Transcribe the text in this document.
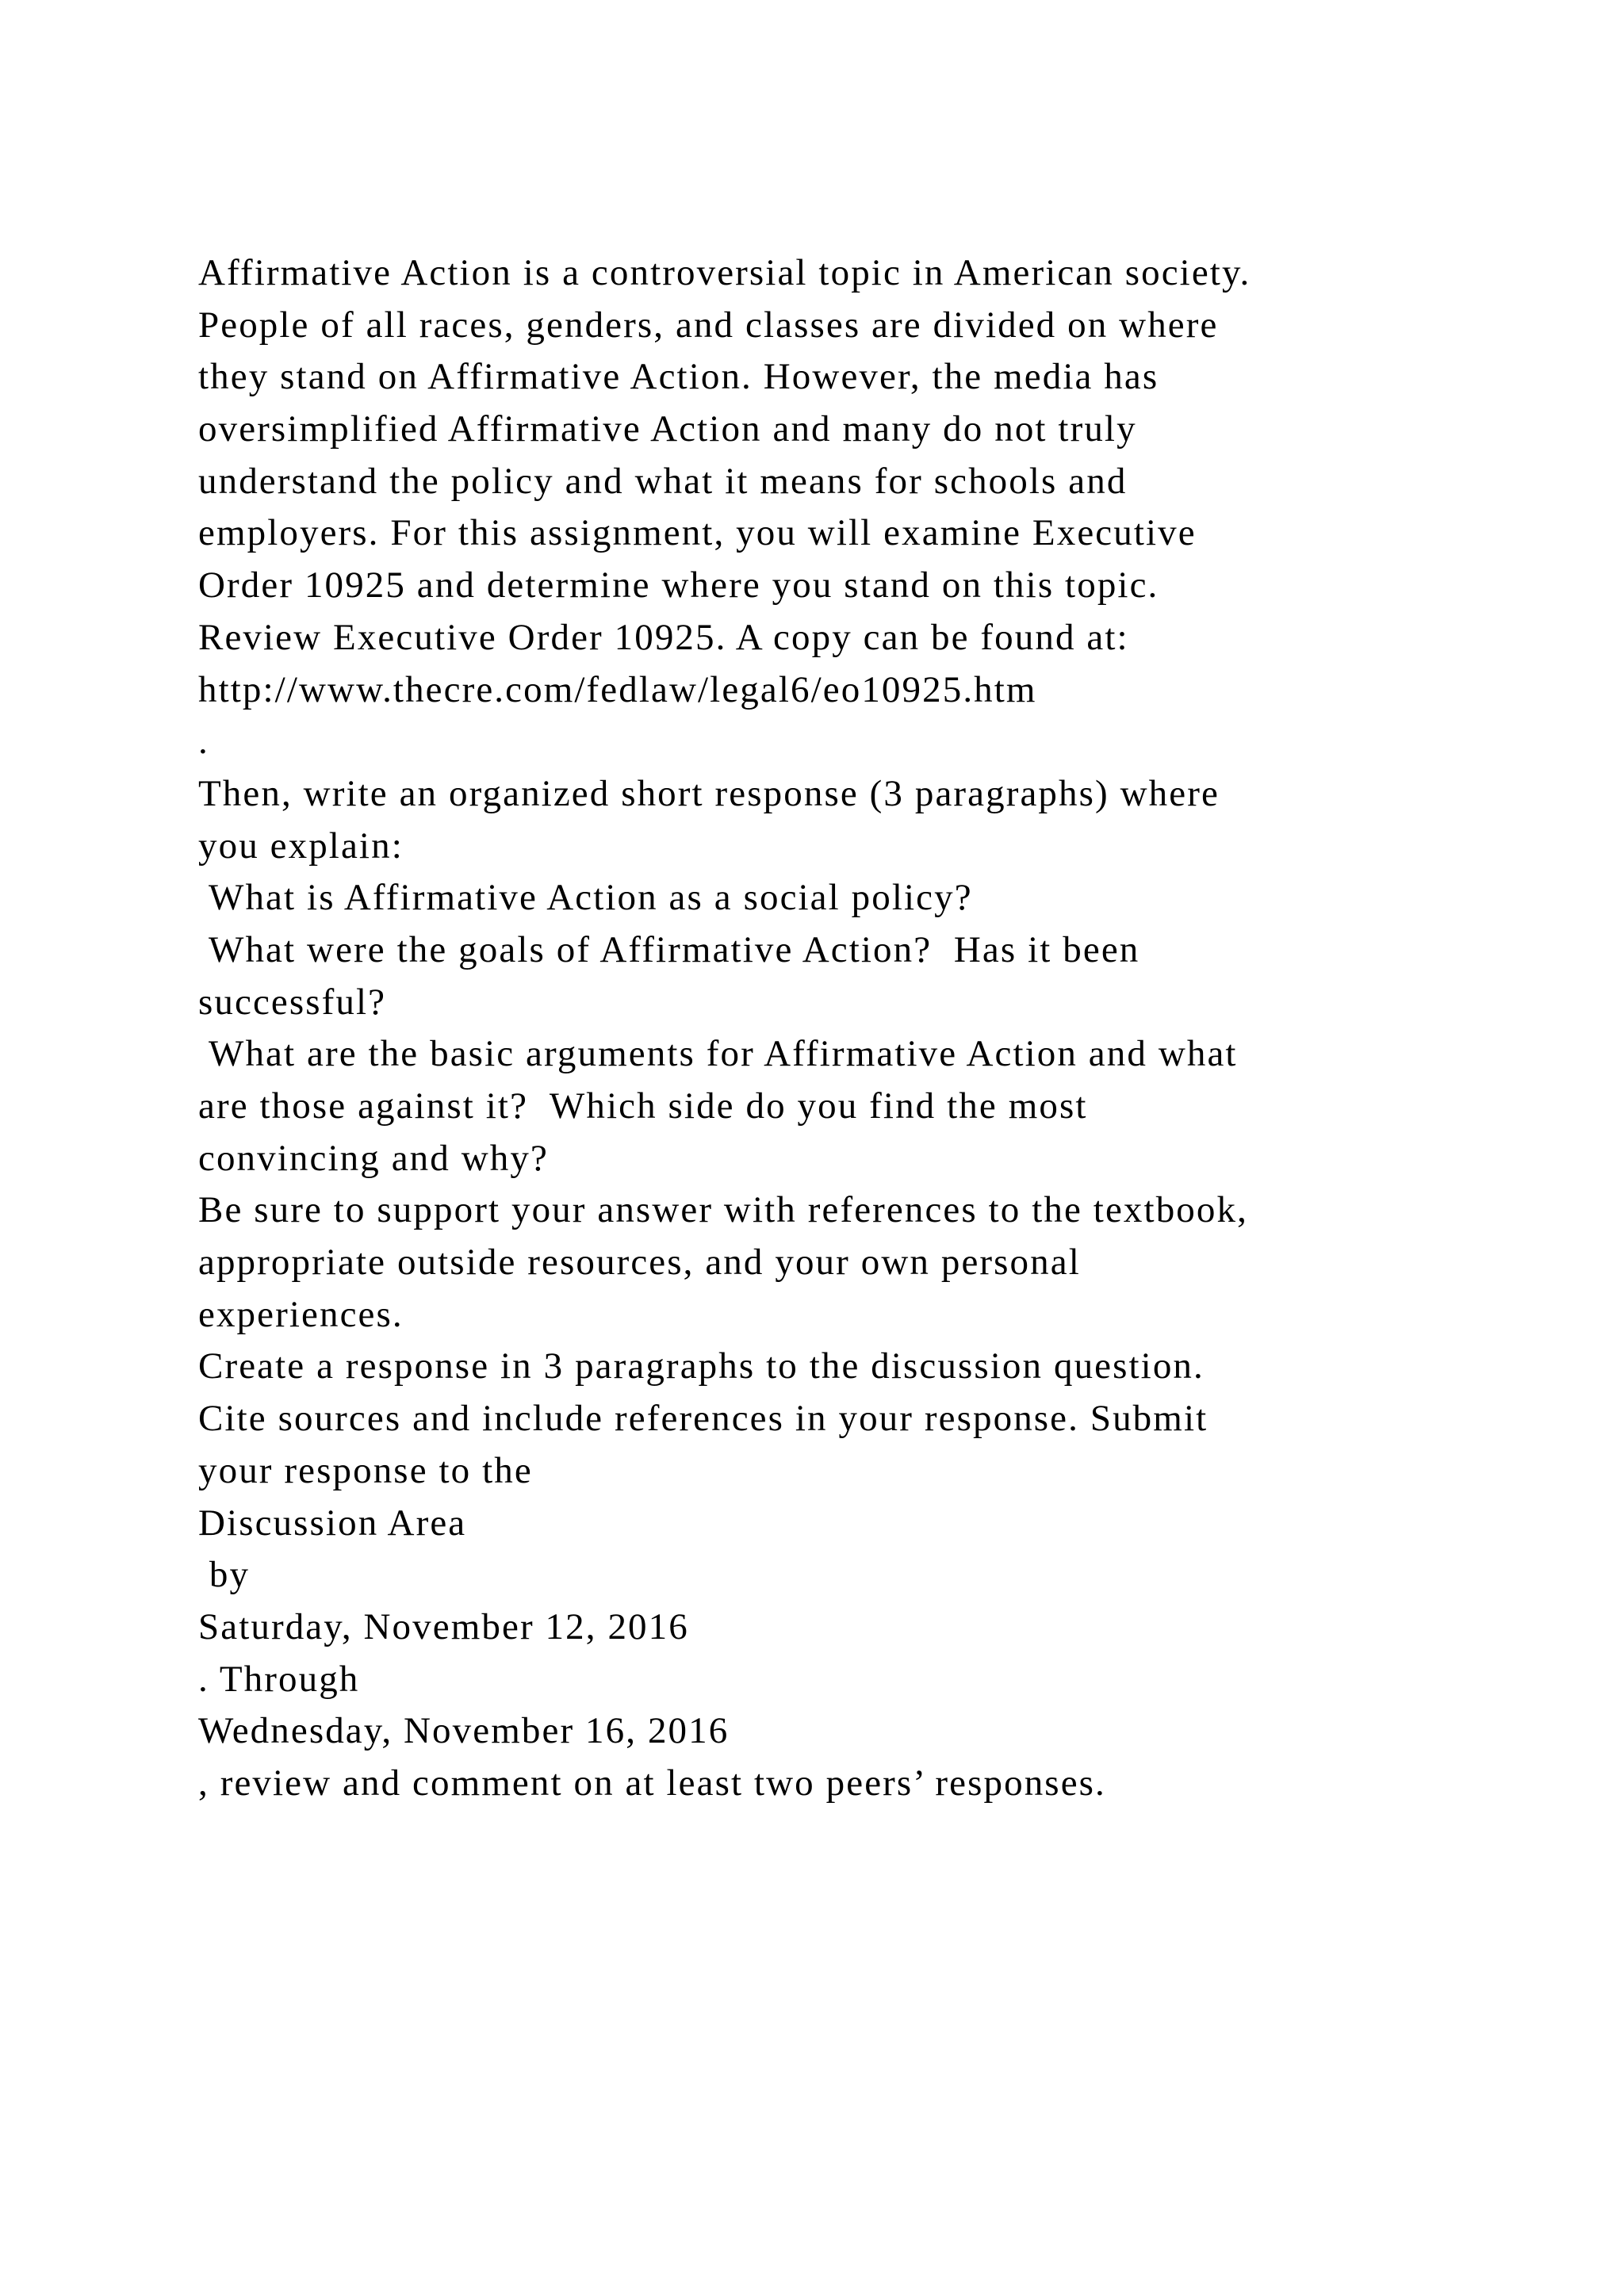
Affirmative Action is a controversial topic in American society.
People of all races, genders, and classes are divided on where
they stand on Affirmative Action. However, the media has
oversimplified Affirmative Action and many do not truly
understand the policy and what it means for schools and
employers. For this assignment, you will examine Executive
Order 10925 and determine where you stand on this topic.
Review Executive Order 10925. A copy can be found at:
http://www.thecre.com/fedlaw/legal6/eo10925.htm
.
Then, write an organized short response (3 paragraphs) where
you explain:
What is Affirmative Action as a social policy?
What were the goals of Affirmative Action?  Has it been
successful?
What are the basic arguments for Affirmative Action and what
are those against it?  Which side do you find the most
convincing and why?
Be sure to support your answer with references to the textbook,
appropriate outside resources, and your own personal
experiences.
Create a response in 3 paragraphs to the discussion question.
Cite sources and include references in your response. Submit
your response to the
Discussion Area
by
Saturday, November 12, 2016
. Through
Wednesday, November 16, 2016
, review and comment on at least two peers’ responses.
